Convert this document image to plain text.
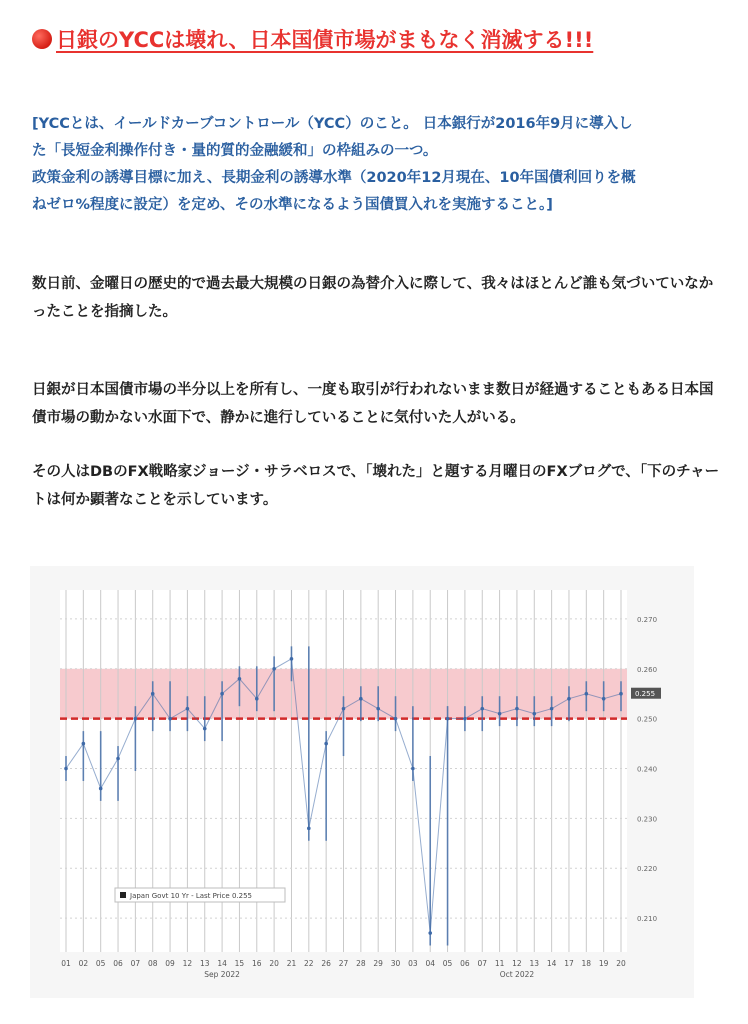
日銀のYCCは壊れ、日本国債市場がまもなく消滅する!!!

[YCCとは、イールドカーブコントロール（YCC）のこと。 日本銀行が2016年9月に導入し

た「長短金利操作付き・量的質的金融緩和」の枠組みの一つ。

政策金利の誘導目標に加え、長期金利の誘導水準（2020年12月現在、10年国債利回りを概

ねゼロ%程度に設定）を定め、その水準になるよう国債買入れを実施すること。]

数日前、金曜日の歴史的で過去最大規模の日銀の為替介入に際して、我々はほとんど誰も気づいていなかったことを指摘した。

日銀が日本国債市場の半分以上を所有し、一度も取引が行われないまま数日が経過することもある日本国債市場の動かない水面下で、静かに進行していることに気付いた人がいる。

その人はDBのFX戦略家ジョージ・サラベロスで、「壊れた」と題する月曜日のFXブログで、「下のチャートは何か顕著なことを示しています。

0.270
0.260
0.250
0.240
0.230
0.220
0.210
0.255
01 02 05 06 07 08 09 12 13 14 15 16 20 21 22 26 27 28 29 30 03 04 05 06 07 11 12 13 14 17 18 19 20
Sep 2022	Oct 2022
Japan Govt 10 Yr - Last Price 0.255
